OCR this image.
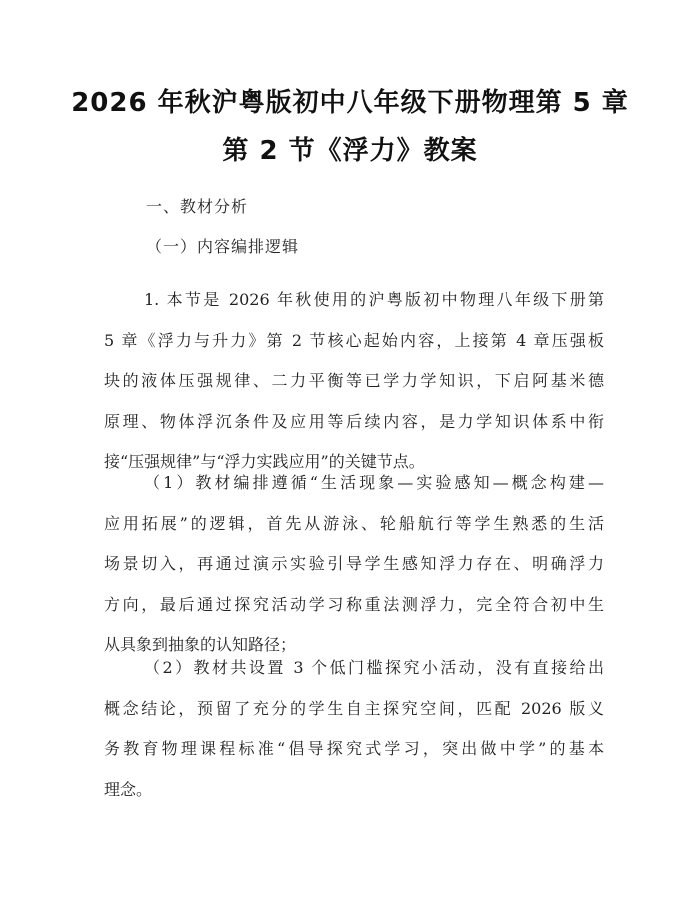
2026 年秋沪粤版初中八年级下册物理第 5 章
第 2 节《浮力》教案
一、教材分析
（一）内容编排逻辑
1. 本节是 2026 年秋使用的沪粤版初中物理八年级下册第
5 章《浮力与升力》第 2 节核心起始内容，上接第 4 章压强板
块的液体压强规律、二力平衡等已学力学知识，下启阿基米德
原理、物体浮沉条件及应用等后续内容，是力学知识体系中衔
接“压强规律”与“浮力实践应用”的关键节点。
（1）教材编排遵循“生活现象—实验感知—概念构建—
应用拓展”的逻辑，首先从游泳、轮船航行等学生熟悉的生活
场景切入，再通过演示实验引导学生感知浮力存在、明确浮力
方向，最后通过探究活动学习称重法测浮力，完全符合初中生
从具象到抽象的认知路径；
（2）教材共设置 3 个低门槛探究小活动，没有直接给出
概念结论，预留了充分的学生自主探究空间，匹配 2026 版义
务教育物理课程标准“倡导探究式学习，突出做中学”的基本
理念。
